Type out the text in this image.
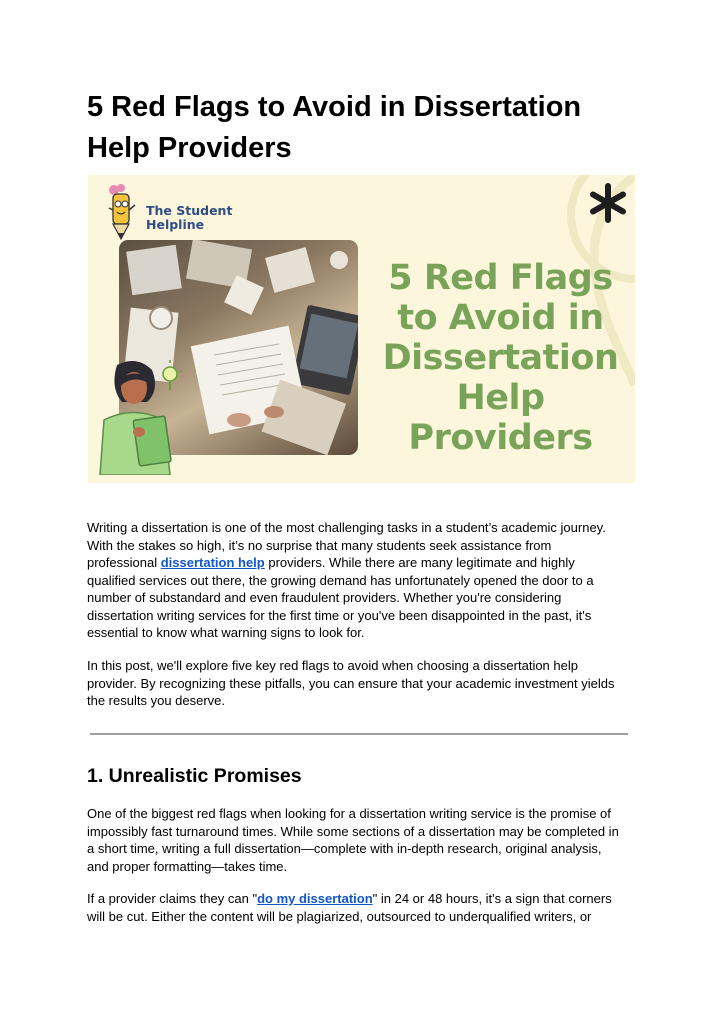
5 Red Flags to Avoid in Dissertation
Help Providers
The Student
Helpline
5 Red Flags
to Avoid in
Dissertation
Help
Providers

Writing a dissertation is one of the most challenging tasks in a student’s academic journey.
With the stakes so high, it’s no surprise that many students seek assistance from
professional dissertation help providers. While there are many legitimate and highly
qualified services out there, the growing demand has unfortunately opened the door to a
number of substandard and even fraudulent providers. Whether you're considering
dissertation writing services for the first time or you've been disappointed in the past, it's
essential to know what warning signs to look for.

In this post, we'll explore five key red flags to avoid when choosing a dissertation help
provider. By recognizing these pitfalls, you can ensure that your academic investment yields
the results you deserve.

1. Unrealistic Promises

One of the biggest red flags when looking for a dissertation writing service is the promise of
impossibly fast turnaround times. While some sections of a dissertation may be completed in
a short time, writing a full dissertation—complete with in-depth research, original analysis,
and proper formatting—takes time.

If a provider claims they can "do my dissertation" in 24 or 48 hours, it's a sign that corners
will be cut. Either the content will be plagiarized, outsourced to underqualified writers, or
